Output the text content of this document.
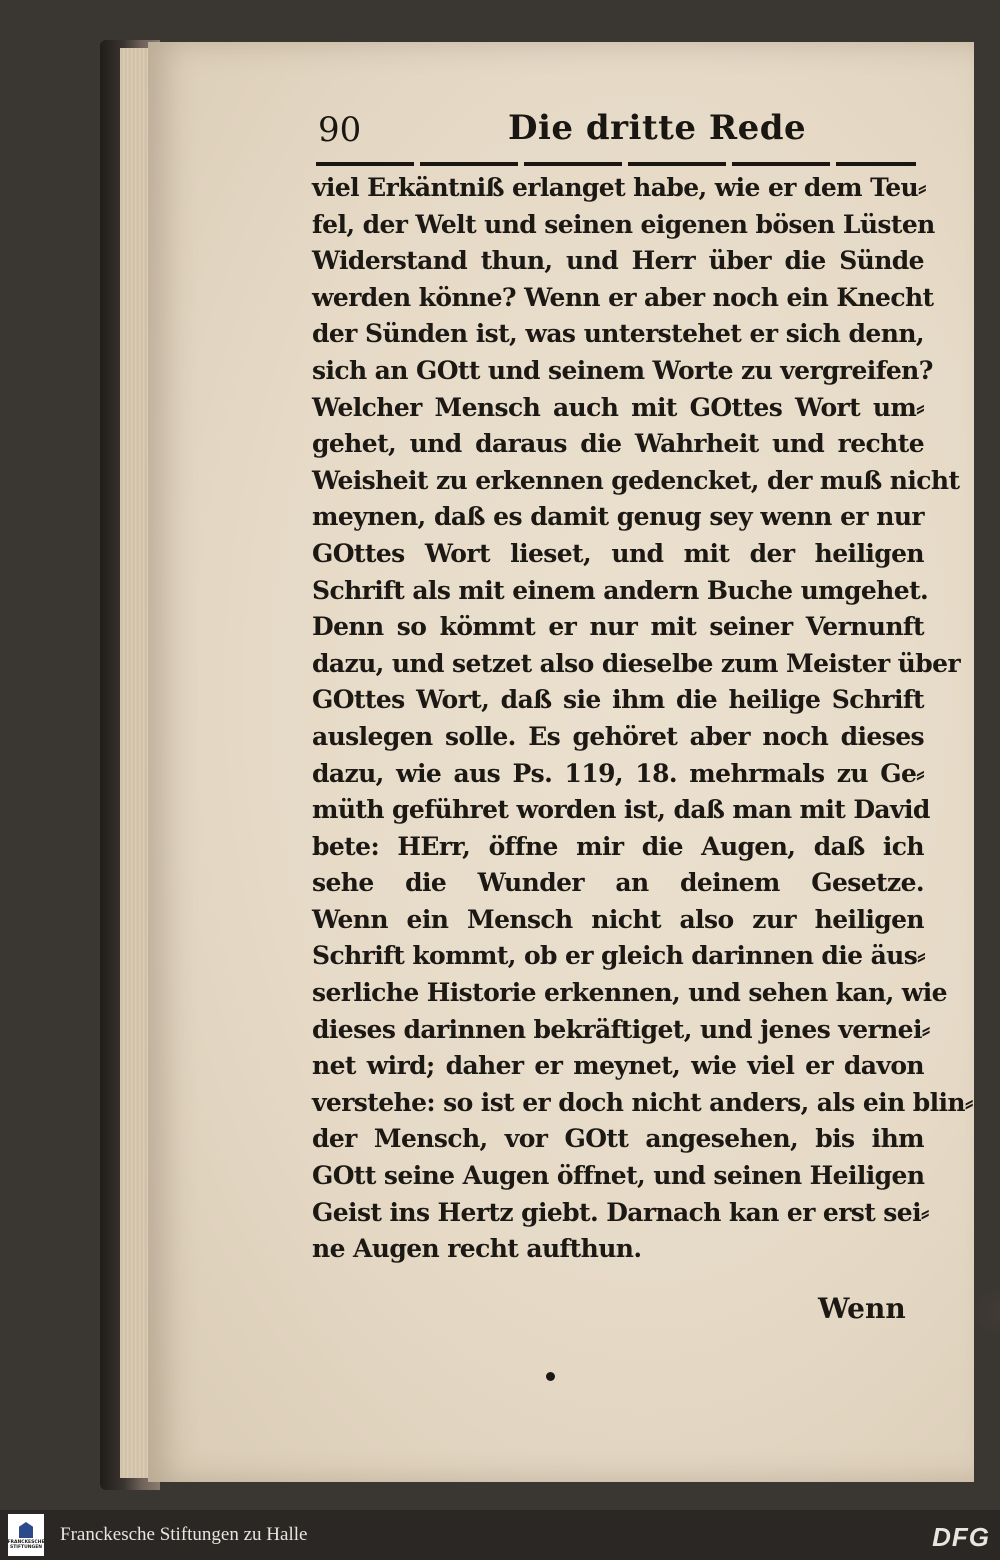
90	Die dritte Rede
viel Erkäntniß erlanget habe, wie er dem Teu⸗
fel, der Welt und seinen eigenen bösen Lüsten
Widerstand thun, und Herr über die Sünde
werden könne? Wenn er aber noch ein Knecht
der Sünden ist, was unterstehet er sich denn,
sich an GOtt und seinem Worte zu vergreifen?
Welcher Mensch auch mit GOttes Wort um⸗
gehet, und daraus die Wahrheit und rechte
Weisheit zu erkennen gedencket, der muß nicht
meynen, daß es damit genug sey wenn er nur
GOttes Wort lieset, und mit der heiligen
Schrift als mit einem andern Buche umgehet.
Denn so kömmt er nur mit seiner Vernunft
dazu, und setzet also dieselbe zum Meister über
GOttes Wort, daß sie ihm die heilige Schrift
auslegen solle. Es gehöret aber noch dieses
dazu, wie aus Ps. 119, 18. mehrmals zu Ge⸗
müth geführet worden ist, daß man mit David
bete: HErr, öffne mir die Augen, daß ich
sehe die Wunder an deinem Gesetze.
Wenn ein Mensch nicht also zur heiligen
Schrift kommt, ob er gleich darinnen die äus⸗
serliche Historie erkennen, und sehen kan, wie
dieses darinnen bekräftiget, und jenes vernei⸗
net wird; daher er meynet, wie viel er davon
verstehe: so ist er doch nicht anders, als ein blin⸗
der Mensch, vor GOtt angesehen, bis ihm
GOtt seine Augen öffnet, und seinen Heiligen
Geist ins Hertz giebt. Darnach kan er erst sei⸗
ne Augen recht aufthun.
Wenn
FRANCKESCHE
STIFTUNGEN
Franckesche Stiftungen zu Halle	DFG
